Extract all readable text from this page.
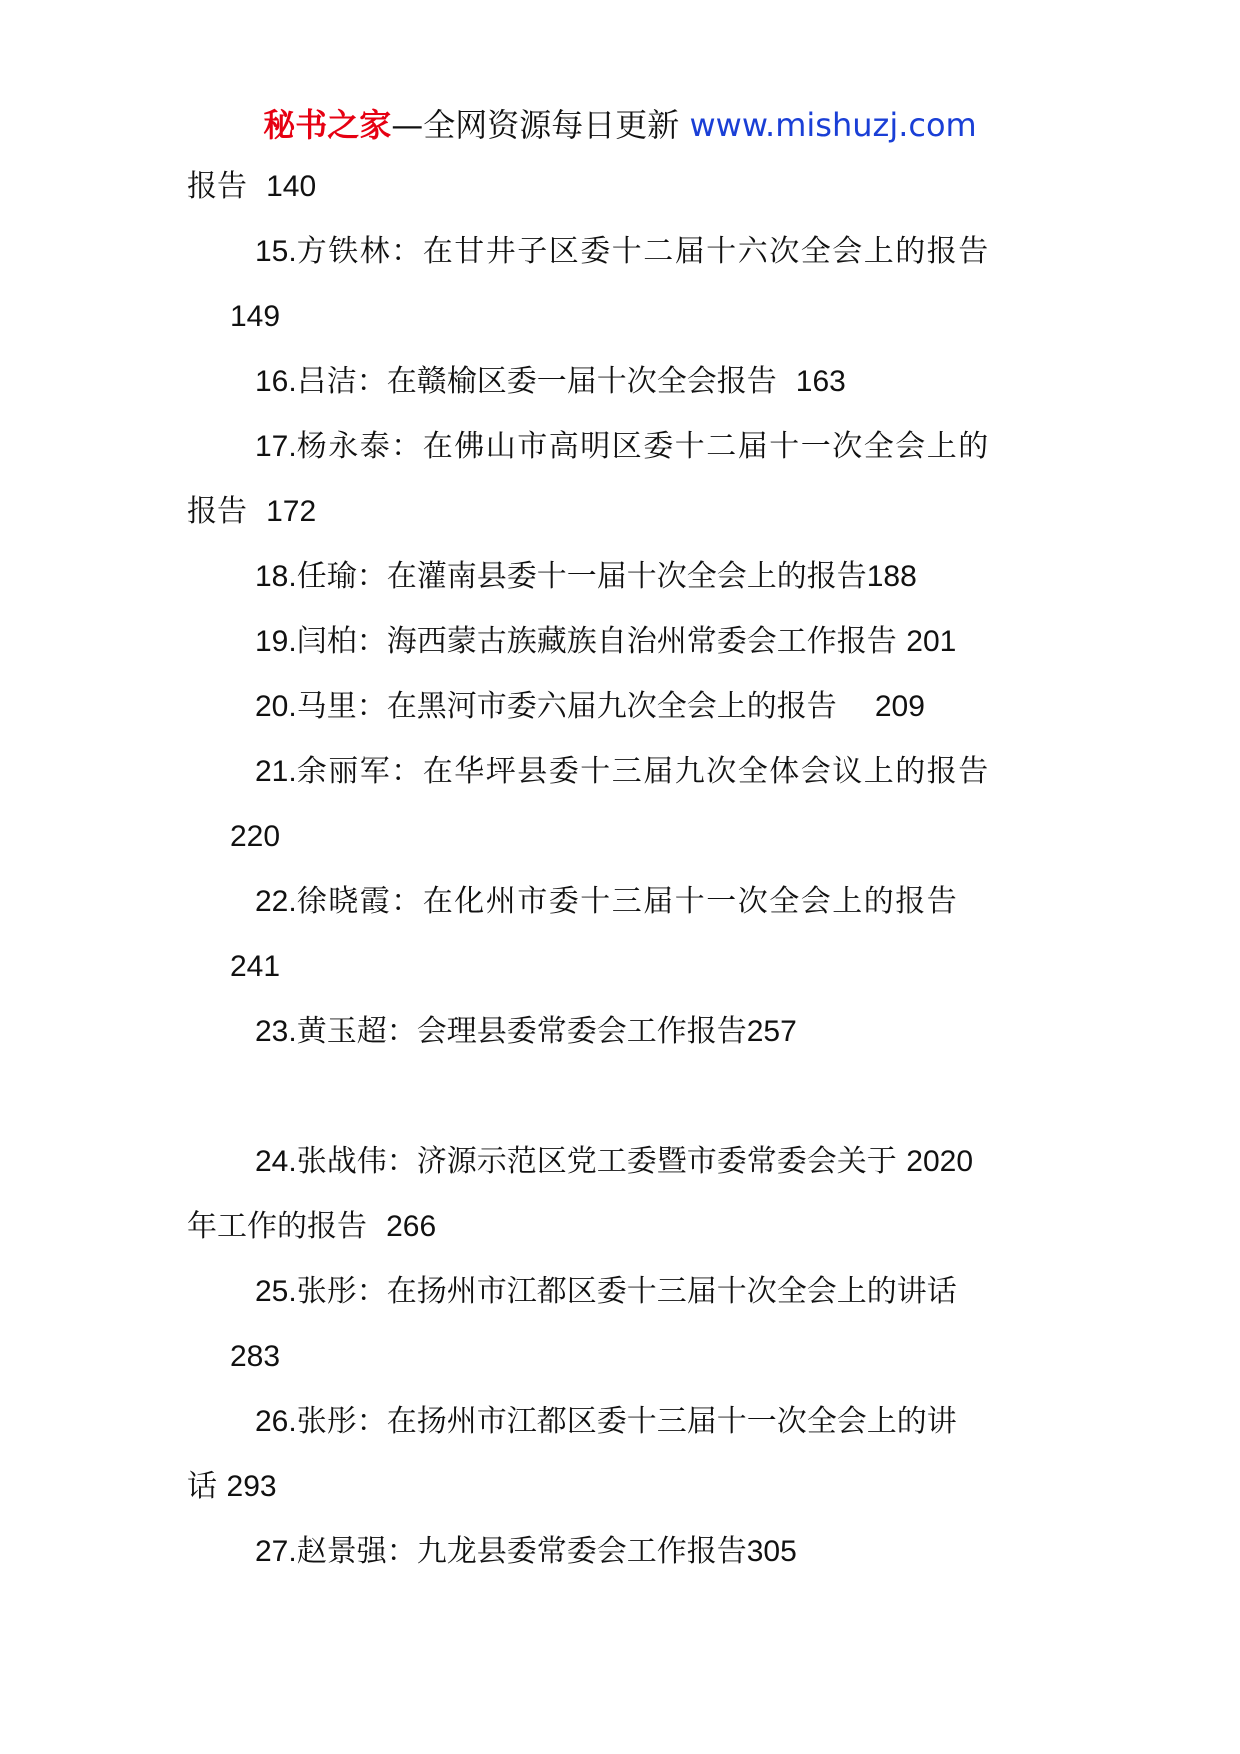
秘书之家—全网资源每日更新 www.mishuzj.com
报告 140
15.方铁林：在甘井子区委十二届十六次全会上的报告
149
16.吕洁：在赣榆区委一届十次全会报告 163
17.杨永泰：在佛山市高明区委十二届十一次全会上的
报告 172
18.任瑜：在灌南县委十一届十次全会上的报告188
19.闫柏：海西蒙古族藏族自治州常委会工作报告 201
20.马里：在黑河市委六届九次全会上的报告 209
21.余丽军：在华坪县委十三届九次全体会议上的报告
220
22.徐晓霞：在化州市委十三届十一次全会上的报告
241
23.黄玉超：会理县委常委会工作报告257
24.张战伟：济源示范区党工委暨市委常委会关于 2020
年工作的报告 266
25.张彤：在扬州市江都区委十三届十次全会上的讲话
283
26.张彤：在扬州市江都区委十三届十一次全会上的讲
话 293
27.赵景强：九龙县委常委会工作报告305
